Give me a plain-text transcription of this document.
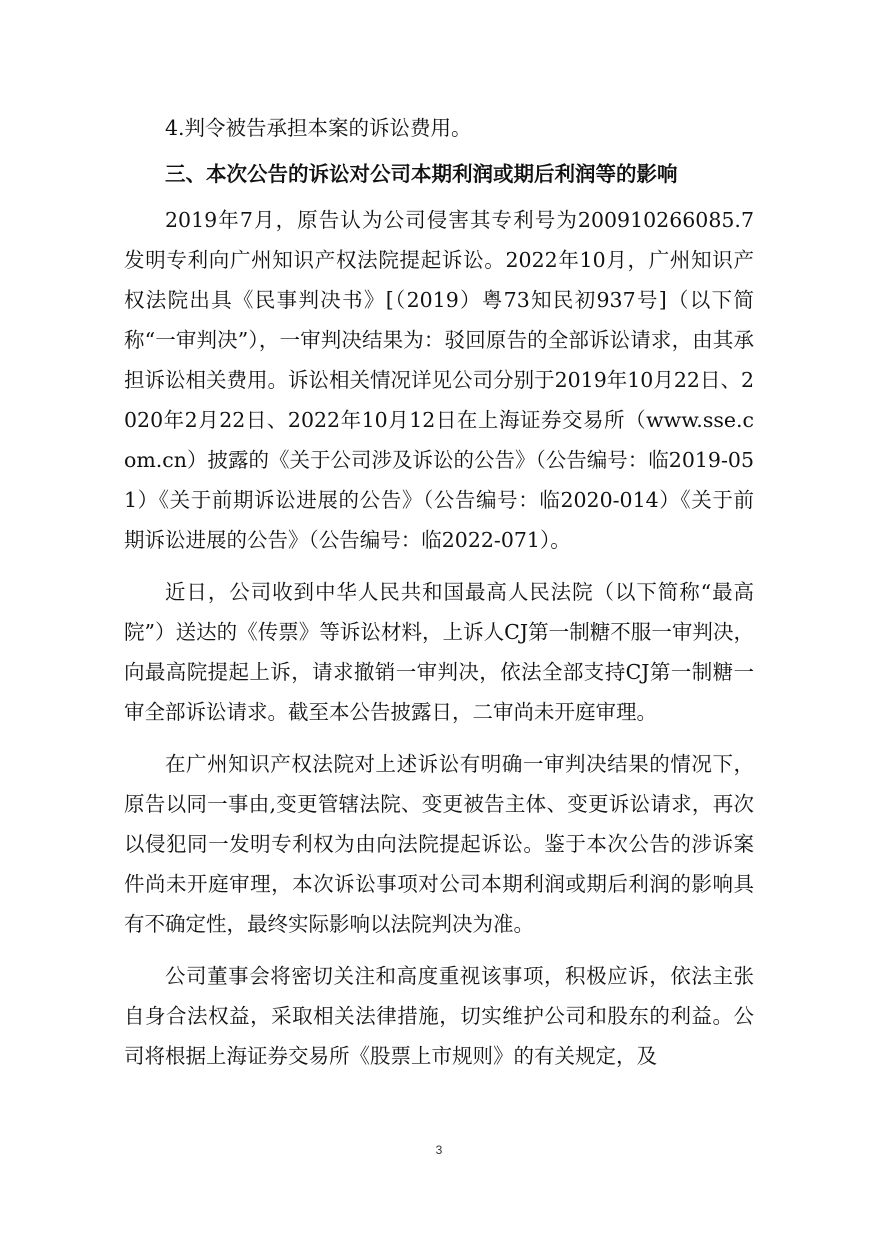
4.判令被告承担本案的诉讼费用。

三、本次公告的诉讼对公司本期利润或期后利润等的影响

2019年7月，原告认为公司侵害其专利号为200910266085.7发明专利向广州知识产权法院提起诉讼。2022年10月，广州知识产权法院出具《民事判决书》[（2019）粤73知民初937号]（以下简称“一审判决”），一审判决结果为：驳回原告的全部诉讼请求，由其承担诉讼相关费用。诉讼相关情况详见公司分别于2019年10月22日、2020年2月22日、2022年10月12日在上海证券交易所（www.sse.com.cn）披露的《关于公司涉及诉讼的公告》（公告编号：临2019-051）《关于前期诉讼进展的公告》（公告编号：临2020-014）《关于前期诉讼进展的公告》（公告编号：临2022-071）。

近日，公司收到中华人民共和国最高人民法院（以下简称“最高院”）送达的《传票》等诉讼材料，上诉人CJ第一制糖不服一审判决，向最高院提起上诉，请求撤销一审判决，依法全部支持CJ第一制糖一审全部诉讼请求。截至本公告披露日，二审尚未开庭审理。

在广州知识产权法院对上述诉讼有明确一审判决结果的情况下，原告以同一事由,变更管辖法院、变更被告主体、变更诉讼请求，再次以侵犯同一发明专利权为由向法院提起诉讼。鉴于本次公告的涉诉案件尚未开庭审理，本次诉讼事项对公司本期利润或期后利润的影响具有不确定性，最终实际影响以法院判决为准。

公司董事会将密切关注和高度重视该事项，积极应诉，依法主张自身合法权益，采取相关法律措施，切实维护公司和股东的利益。公司将根据上海证券交易所《股票上市规则》的有关规定，及

3
